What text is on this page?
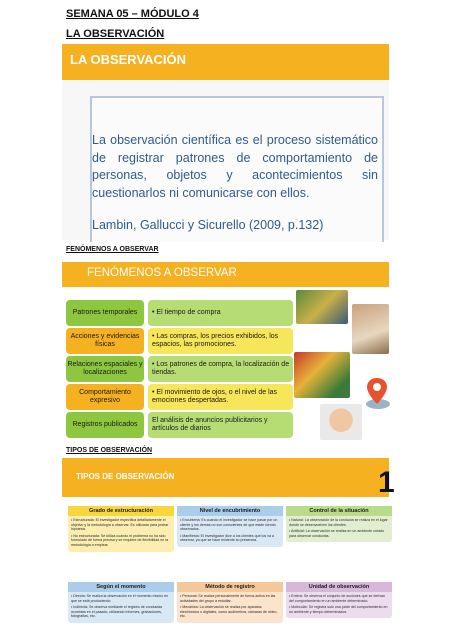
SEMANA 05 – MÓDULO 4
LA OBSERVACIÓN
LA OBSERVACIÓN
La observación científica es el proceso sistemático de registrar patrones de comportamiento de personas, objetos y acontecimientos sin cuestionarlos ni comunicarse con ellos.
Lambin, Gallucci y Sicurello (2009, p.132)
FENÓMENOS A OBSERVAR
FENÓMENOS A OBSERVAR
Patrones temporales	• El tiempo de compra
Acciones y evidencias físicas
• Las compras, los precios exhibidos, los espacios, las promociones.
Relaciones espaciales y localizaciones
• Los patrones de compra, la localización de tiendas.
Comportamiento expresivo
• El movimiento de ojos, o el nivel de las emociones despertadas.
Registros publicados
El análisis de anuncios publicitarios y artículos de diarios
TIPOS DE OBSERVACIÓN
TIPOS DE OBSERVACIÓN	1
Grado de estructuración

• Estructurada: El investigador especifica detalladamente el objetivo y la metodología a observar. Es utilizada para probar hipótesis.

• No estructurada: Se utiliza cuando el problema no ha sido formulado de forma precisa y se requiere de flexibilidad en la metodología a emplear.

Nivel de encubrimiento

• Encubierta: Es cuando el investigador se hace pasar por un cliente y los demás no son conscientes de que están siendo observados.

• Manifiesta: El investigador dice a los clientes que los va a observar, ya que se hace evidente su presencia.

Control de la situación

• Natural: La observación de la conducta se realiza en el lugar donde se desenvuelven los clientes.

• Artificial: La observación se realiza en un ambiente creado para observar conductas.

Según el momento

• Directa: Se realiza la observación en el momento mismo en que se está produciendo.

• Indirecta: Se observa mediante el registro de conductas ocurridas en el pasado, utilizando informes, grabaciones, fotografías, etc.

Método de registro

• Personal: Se realiza personalmente de forma activa en las actividades del grupo a estudiar.

• Mecánica: La observación se realiza por aparatos electrónicos o digitales, como audímetros, cámaras de video, etc.

Unidad de observación

• Entera: Se observa el conjunto de acciones que se derivan del comportamiento en un ambiente determinado.

• Molecular: Se registra solo una parte del comportamiento en un ambiente y tiempo determinados.
